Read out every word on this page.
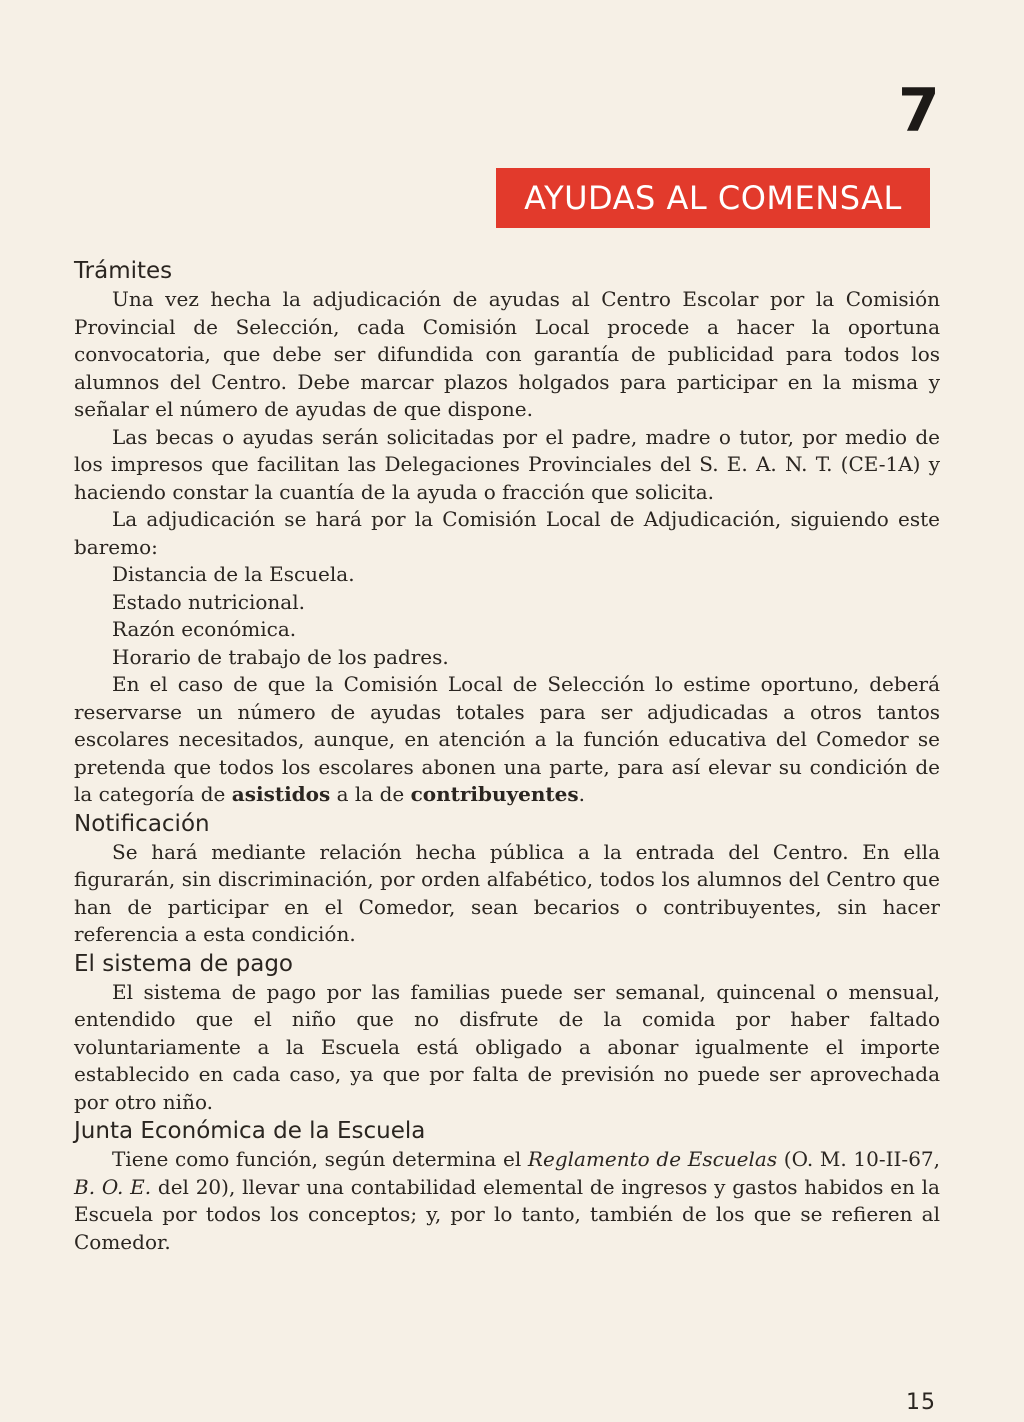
7
AYUDAS AL COMENSAL
Trámites

Una vez hecha la adjudicación de ayudas al Centro Escolar por la Comisión Provincial de Selección, cada Comisión Local procede a hacer la oportuna convocatoria, que debe ser difundida con garantía de publicidad para todos los alumnos del Centro. Debe marcar plazos holgados para participar en la misma y señalar el número de ayudas de que dispone.

Las becas o ayudas serán solicitadas por el padre, madre o tutor, por medio de los impresos que facilitan las Delegaciones Provinciales del S. E. A. N. T. (CE-1A) y haciendo constar la cuantía de la ayuda o fracción que solicita.

La adjudicación se hará por la Comisión Local de Adjudicación, siguiendo este baremo:

Distancia de la Escuela.
Estado nutricional.
Razón económica.
Horario de trabajo de los padres.

En el caso de que la Comisión Local de Selección lo estime oportuno, deberá reservarse un número de ayudas totales para ser adjudicadas a otros tantos escolares necesitados, aunque, en atención a la función educativa del Comedor se pretenda que todos los escolares abonen una parte, para así elevar su condición de la categoría de asistidos a la de contribuyentes.

Notificación

Se hará mediante relación hecha pública a la entrada del Centro. En ella figurarán, sin discriminación, por orden alfabético, todos los alumnos del Centro que han de participar en el Comedor, sean becarios o contribuyentes, sin hacer referencia a esta condición.

El sistema de pago

El sistema de pago por las familias puede ser semanal, quincenal o mensual, entendido que el niño que no disfrute de la comida por haber faltado voluntariamente a la Escuela está obligado a abonar igualmente el importe establecido en cada caso, ya que por falta de previsión no puede ser aprovechada por otro niño.

Junta Económica de la Escuela

Tiene como función, según determina el Reglamento de Escuelas (O. M. 10-II-67, B. O. E. del 20), llevar una contabilidad elemental de ingresos y gastos habidos en la Escuela por todos los conceptos; y, por lo tanto, también de los que se refieren al Comedor.

15
